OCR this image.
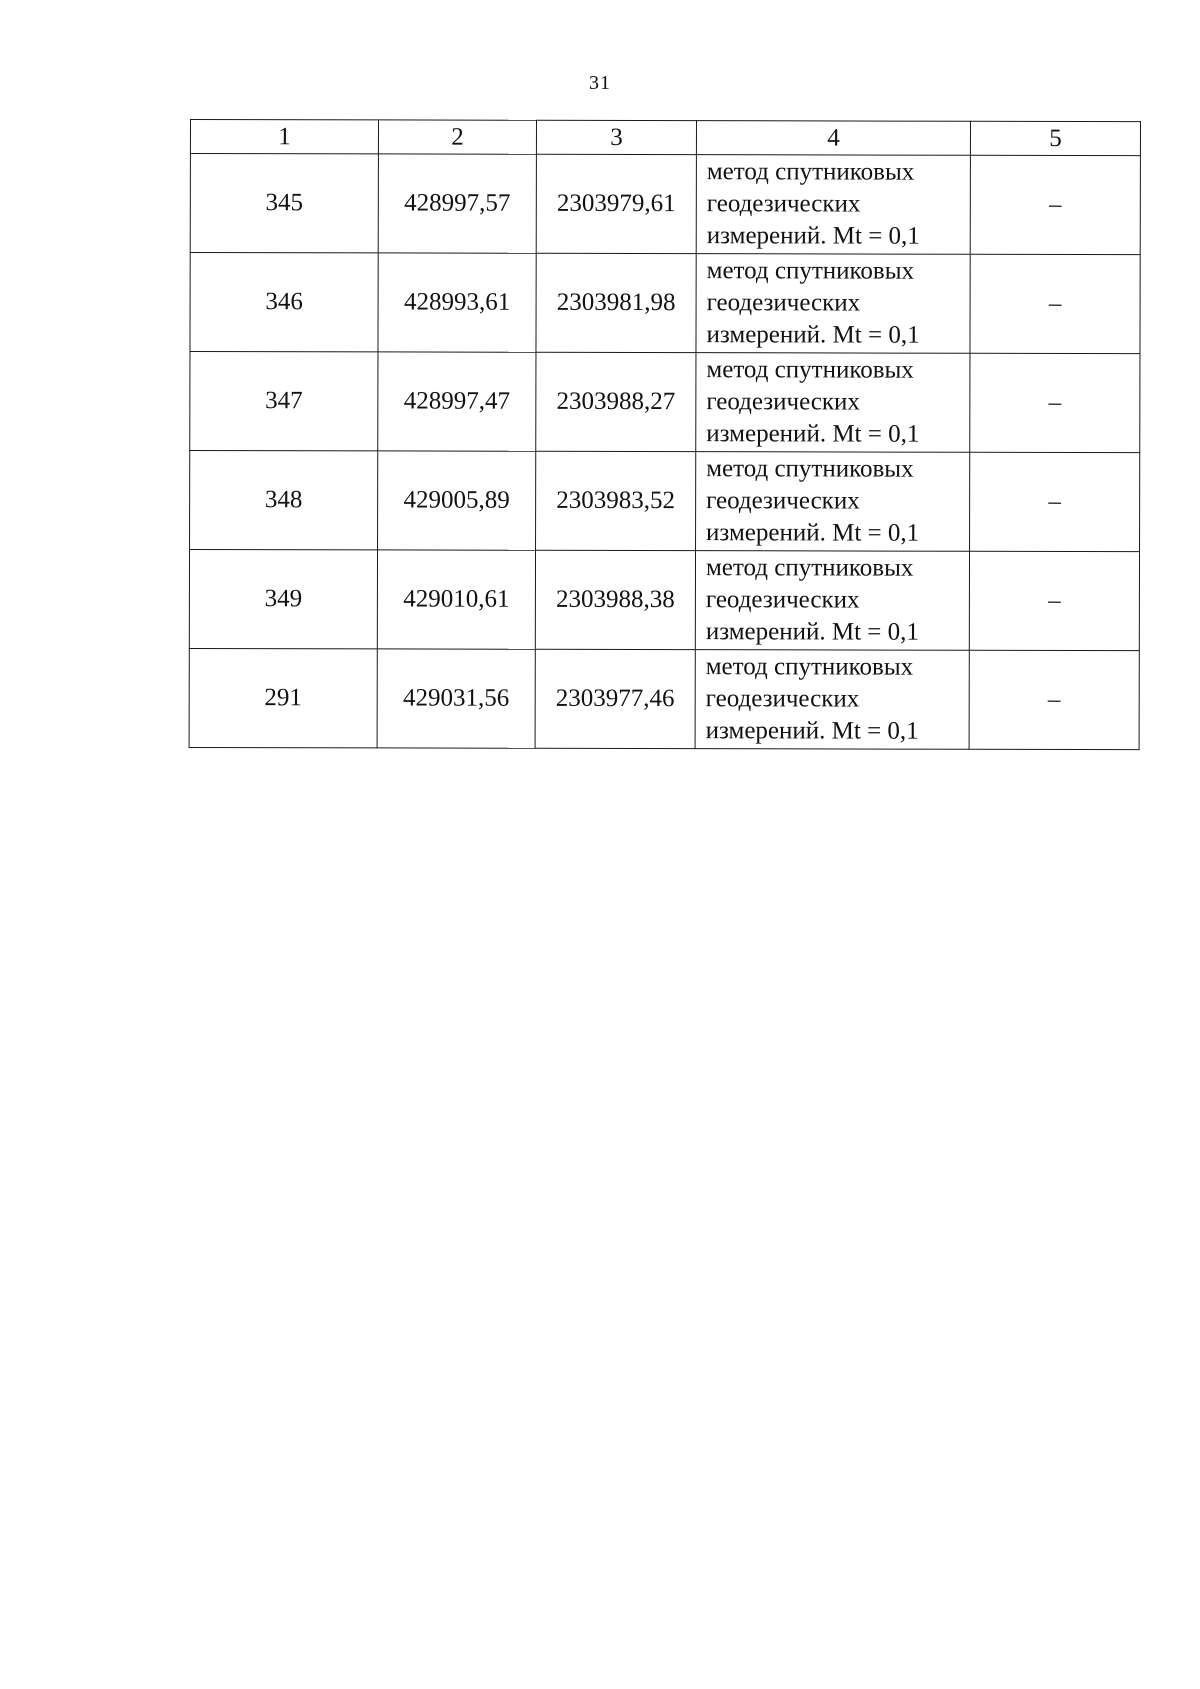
31
1	2	3	4	5
345	428997,57	2303979,61	метод спутниковых
геодезических
измерений. Mt = 0,1	–
346	428993,61	2303981,98	метод спутниковых
геодезических
измерений. Mt = 0,1	–
347	428997,47	2303988,27	метод спутниковых
геодезических
измерений. Mt = 0,1	–
348	429005,89	2303983,52	метод спутниковых
геодезических
измерений. Mt = 0,1	–
349	429010,61	2303988,38	метод спутниковых
геодезических
измерений. Mt = 0,1	–
291	429031,56	2303977,46	метод спутниковых
геодезических
измерений. Mt = 0,1	–
